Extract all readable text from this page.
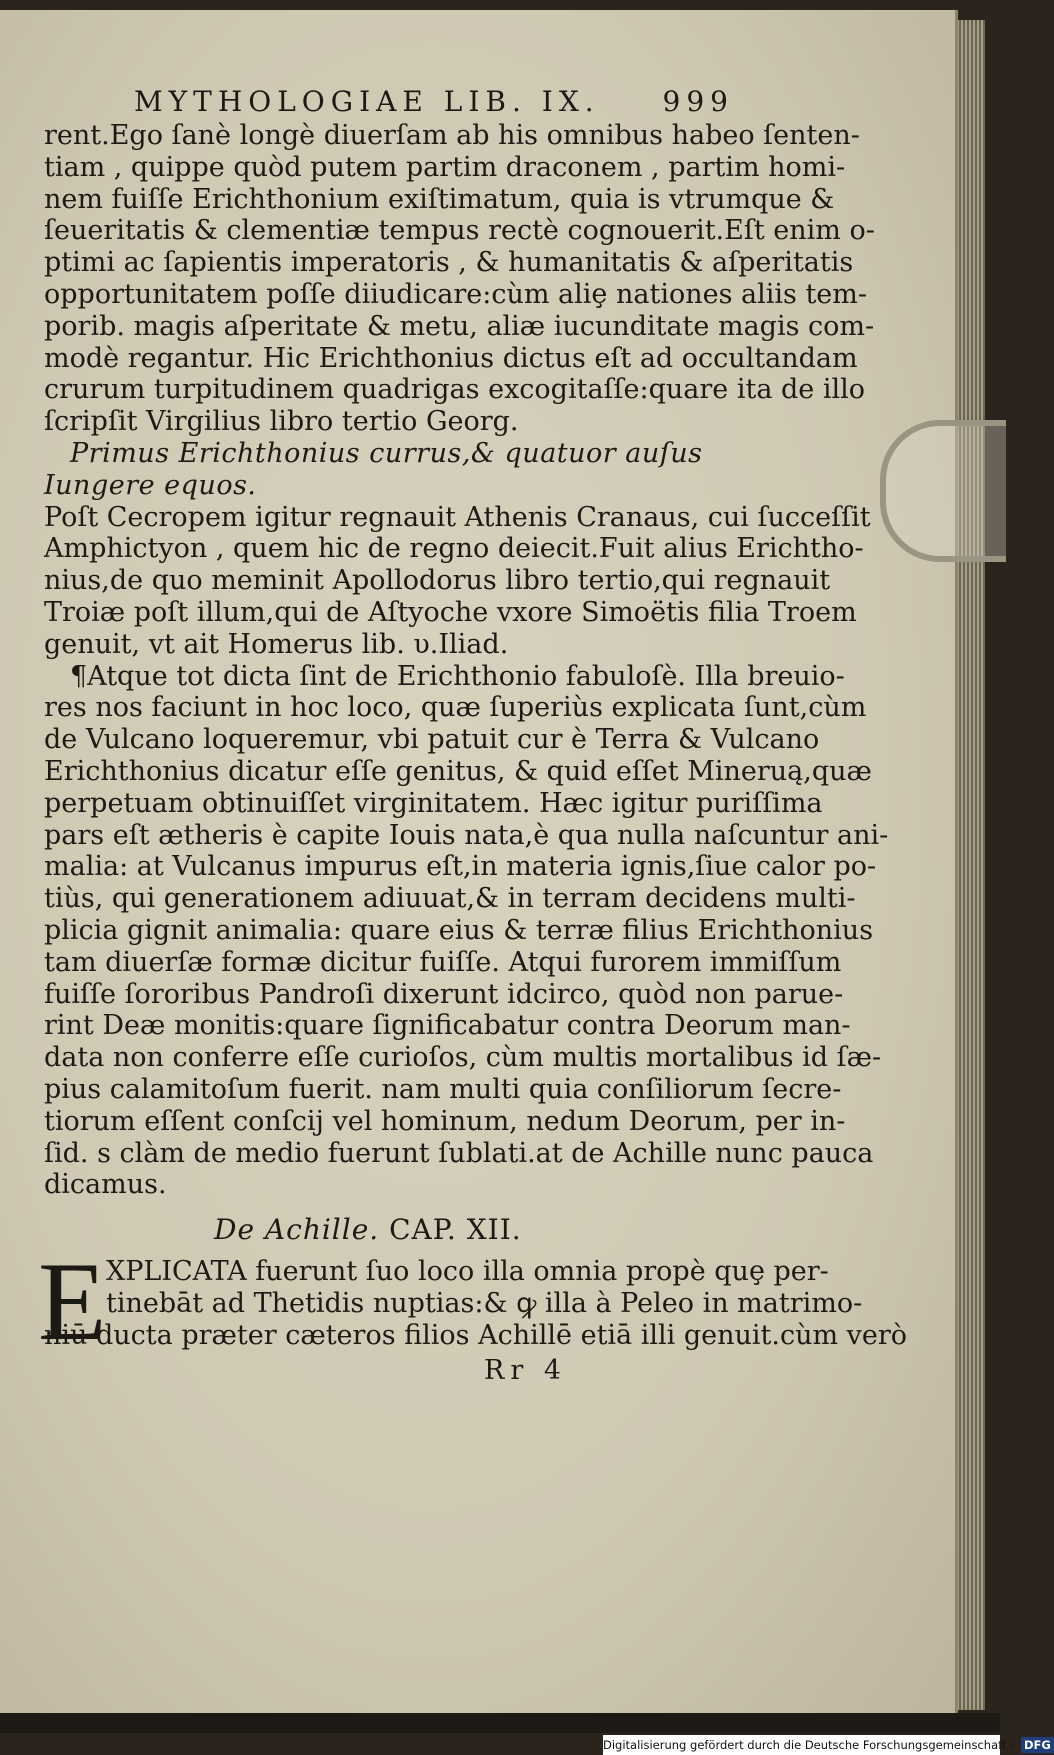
MYTHOLOGIAE LIB. IX. 999
rent.Ego ſanè longè diuerſam ab his omnibus habeo ſenten-
tiam , quippe quòd putem partim draconem , partim homi-
nem fuiſſe Erichthonium exiſtimatum, quia is vtrumque &
ſeueritatis & clementiæ tempus rectè cognouerit.Eſt enim o-
ptimi ac ſapientis imperatoris , & humanitatis & aſperitatis
opportunitatem poſſe diiudicare:cùm aliȩ nationes aliis tem-
porib. magis aſperitate & metu, aliæ iucunditate magis com-
modè regantur. Hic Erichthonius dictus eſt ad occultandam
crurum turpitudinem quadrigas excogitaſſe:quare ita de illo
ſcripſit Virgilius libro tertio Georg.
Primus Erichthonius currus,& quatuor auſus
Iungere equos.
Poſt Cecropem igitur regnauit Athenis Cranaus, cui ſucceſſit
Amphictyon , quem hic de regno deiecit.Fuit alius Erichtho-
nius,de quo meminit Apollodorus libro tertio,qui regnauit
Troiæ poſt illum,qui de Aſtyoche vxore Simoëtis filia Troem
genuit, vt ait Homerus lib. υ.Iliad.
¶Atque tot dicta ſint de Erichthonio fabuloſè. Illa breuio-
res nos faciunt in hoc loco, quæ ſuperiùs explicata ſunt,cùm
de Vulcano loqueremur, vbi patuit cur è Terra & Vulcano
Erichthonius dicatur eſſe genitus, & quid eſſet Mineruą,quæ
perpetuam obtinuiſſet virginitatem. Hæc igitur puriſſima
pars eſt ætheris è capite Iouis nata,è qua nulla naſcuntur ani-
malia: at Vulcanus impurus eſt,in materia ignis,ſiue calor po-
tiùs, qui generationem adiuuat,& in terram decidens multi-
plicia gignit animalia: quare eius & terræ filius Erichthonius
tam diuerſæ formæ dicitur fuiſſe. Atqui furorem immiſſum
fuiſſe ſororibus Pandroſi dixerunt idcirco, quòd non parue-
rint Deæ monitis:quare ſignificabatur contra Deorum man-
data non conferre eſſe curioſos, cùm multis mortalibus id ſæ-
pius calamitoſum fuerit. nam multi quia conſiliorum ſecre-
tiorum eſſent conſcij vel hominum, nedum Deorum, per in-
ſid. s clàm de medio fuerunt ſublati.at de Achille nunc pauca
dicamus.
De Achille. CAP. XII.
E XPLICATA fuerunt ſuo loco illa omnia propè quȩ per-
tinebāt ad Thetidis nuptias:& ꝙ illa à Peleo in matrimo-
niū ducta præter cæteros filios Achillē etiā illi genuit.cùm verò
Rr 4
Digitalisierung gefördert durch die Deutsche Forschungsgemeinschaft - DFG
